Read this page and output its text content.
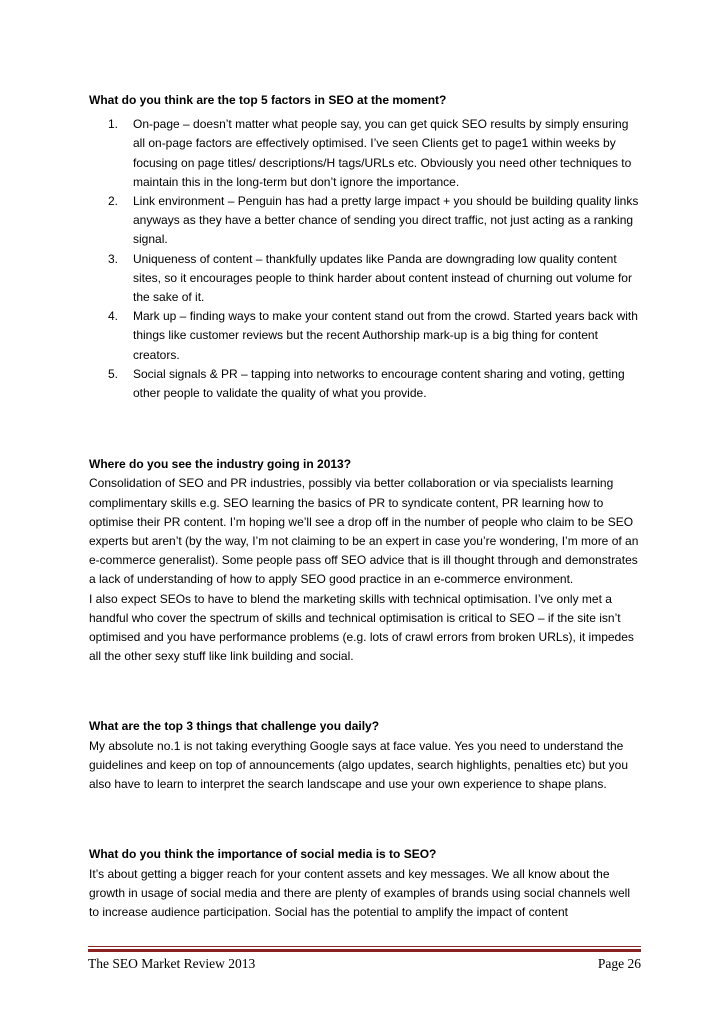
What do you think are the top 5 factors in SEO at the moment?

1. On-page – doesn’t matter what people say, you can get quick SEO results by simply ensuring all on-page factors are effectively optimised. I’ve seen Clients get to page1 within weeks by focusing on page titles/ descriptions/H tags/URLs etc. Obviously you need other techniques to maintain this in the long-term but don’t ignore the importance.
2. Link environment – Penguin has had a pretty large impact + you should be building quality links anyways as they have a better chance of sending you direct traffic, not just acting as a ranking signal.
3. Uniqueness of content – thankfully updates like Panda are downgrading low quality content sites, so it encourages people to think harder about content instead of churning out volume for the sake of it.
4. Mark up – finding ways to make your content stand out from the crowd. Started years back with things like customer reviews but the recent Authorship mark-up is a big thing for content creators.
5. Social signals & PR – tapping into networks to encourage content sharing and voting, getting other people to validate the quality of what you provide.

Where do you see the industry going in 2013?

Consolidation of SEO and PR industries, possibly via better collaboration or via specialists learning complimentary skills e.g. SEO learning the basics of PR to syndicate content, PR learning how to optimise their PR content. I’m hoping we’ll see a drop off in the number of people who claim to be SEO experts but aren’t (by the way, I’m not claiming to be an expert in case you’re wondering, I’m more of an e-commerce generalist). Some people pass off SEO advice that is ill thought through and demonstrates a lack of understanding of how to apply SEO good practice in an e-commerce environment.

I also expect SEOs to have to blend the marketing skills with technical optimisation. I’ve only met a handful who cover the spectrum of skills and technical optimisation is critical to SEO – if the site isn’t optimised and you have performance problems (e.g. lots of crawl errors from broken URLs), it impedes all the other sexy stuff like link building and social.

What are the top 3 things that challenge you daily?

My absolute no.1 is not taking everything Google says at face value. Yes you need to understand the guidelines and keep on top of announcements (algo updates, search highlights, penalties etc) but you also have to learn to interpret the search landscape and use your own experience to shape plans.

What do you think the importance of social media is to SEO?

It’s about getting a bigger reach for your content assets and key messages. We all know about the growth in usage of social media and there are plenty of examples of brands using social channels well to increase audience participation. Social has the potential to amplify the impact of content

The SEO Market Review 2013	Page 26
